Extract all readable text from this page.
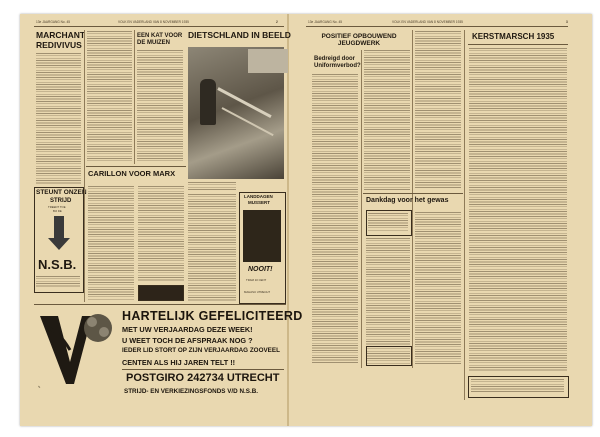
13e JAARGANG No. 45	VOLK EN VADERLAND VAN 8 NOVEMBER 1935	2
MARCHANT
REDIVIVUS
STEUNT ONZEN
STRIJD
TREEDT TOE
BIJ DE
N.S.B.
EEN KAT VOOR
DE MUIZEN
DIETSCHLAND IN BEELD
CARILLON VOOR MARX
LANDDAGEN
MUSSERT
NOOIT!
TRAM 10 CENT
MAHASU UTRECHT
✎
HARTELIJK GEFELICITEERD
MET UW VERJAARDAG DEZE WEEK!
U WEET TOCH DE AFSPRAAK NOG ?
IEDER LID STORT OP ZIJN VERJAARDAG ZOOVEEL
CENTEN ALS HIJ JAREN TELT !!
POSTGIRO 242734 UTRECHT
STRIJD- EN VERKIEZINGSFONDS V/D N.S.B.
13e JAARGANG No. 45	VOLK EN VADERLAND VAN 8 NOVEMBER 1935	3
POSITIEF OPBOUWEND
JEUGDWERK
Bedreigd door
Uniformverbod?
Dankdag voor het gewas
KERSTMARSCH 1935
